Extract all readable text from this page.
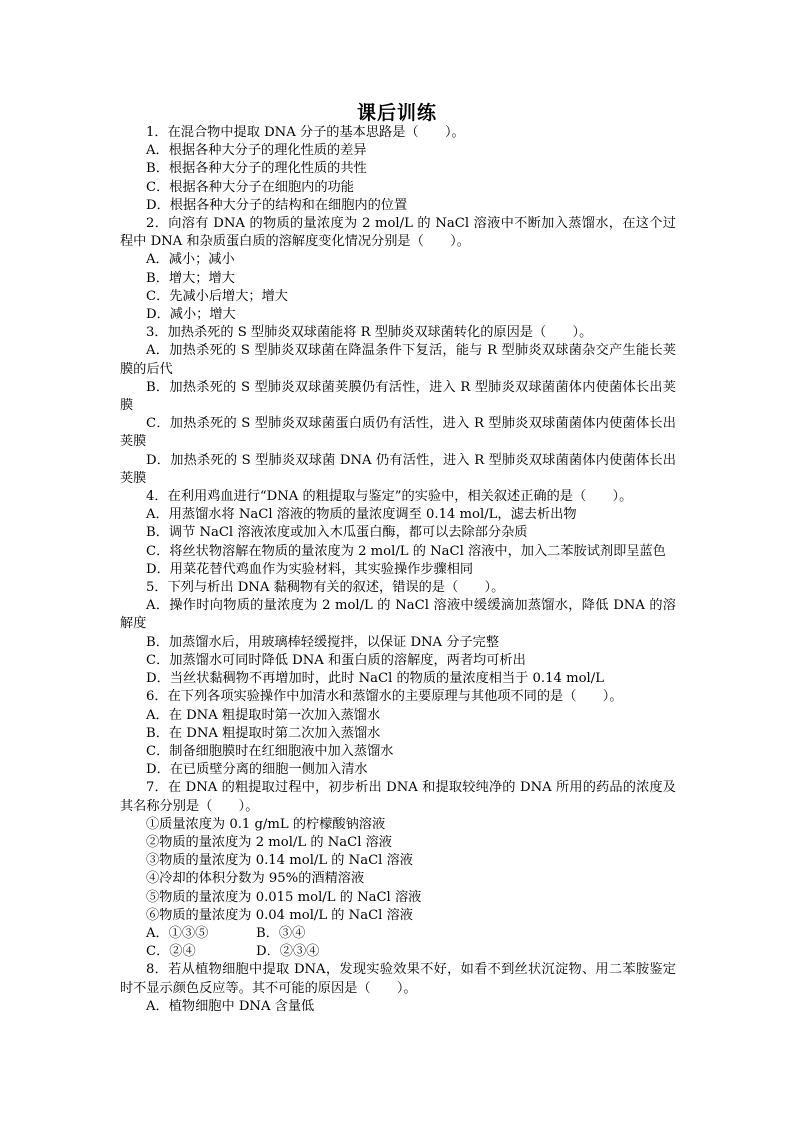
课后训练

1．在混合物中提取 DNA 分子的基本思路是（　　）。

A．根据各种大分子的理化性质的差异

B．根据各种大分子的理化性质的共性

C．根据各种大分子在细胞内的功能

D．根据各种大分子的结构和在细胞内的位置

2．向溶有 DNA 的物质的量浓度为 2 mol/L 的 NaCl 溶液中不断加入蒸馏水，在这个过程中 DNA 和杂质蛋白质的溶解度变化情况分别是（　　）。

A．减小；减小

B．增大；增大

C．先减小后增大；增大

D．减小；增大

3．加热杀死的 S 型肺炎双球菌能将 R 型肺炎双球菌转化的原因是（　　）。

A．加热杀死的 S 型肺炎双球菌在降温条件下复活，能与 R 型肺炎双球菌杂交产生能长荚膜的后代

B．加热杀死的 S 型肺炎双球菌荚膜仍有活性，进入 R 型肺炎双球菌菌体内使菌体长出荚膜

C．加热杀死的 S 型肺炎双球菌蛋白质仍有活性，进入 R 型肺炎双球菌菌体内使菌体长出荚膜

D．加热杀死的 S 型肺炎双球菌 DNA 仍有活性，进入 R 型肺炎双球菌菌体内使菌体长出荚膜

4．在利用鸡血进行“DNA 的粗提取与鉴定”的实验中，相关叙述正确的是（　　）。

A．用蒸馏水将 NaCl 溶液的物质的量浓度调至 0.14 mol/L，滤去析出物

B．调节 NaCl 溶液浓度或加入木瓜蛋白酶，都可以去除部分杂质

C．将丝状物溶解在物质的量浓度为 2 mol/L 的 NaCl 溶液中，加入二苯胺试剂即呈蓝色

D．用菜花替代鸡血作为实验材料，其实验操作步骤相同

5．下列与析出 DNA 黏稠物有关的叙述，错误的是（　　）。

A．操作时向物质的量浓度为 2 mol/L 的 NaCl 溶液中缓缓滴加蒸馏水，降低 DNA 的溶解度

B．加蒸馏水后，用玻璃棒轻缓搅拌，以保证 DNA 分子完整

C．加蒸馏水可同时降低 DNA 和蛋白质的溶解度，两者均可析出

D．当丝状黏稠物不再增加时，此时 NaCl 的物质的量浓度相当于 0.14 mol/L

6．在下列各项实验操作中加清水和蒸馏水的主要原理与其他项不同的是（　　）。

A．在 DNA 粗提取时第一次加入蒸馏水

B．在 DNA 粗提取时第二次加入蒸馏水

C．制备细胞膜时在红细胞液中加入蒸馏水

D．在已质壁分离的细胞一侧加入清水

7．在 DNA 的粗提取过程中，初步析出 DNA 和提取较纯净的 DNA 所用的药品的浓度及其名称分别是（　　）。

①质量浓度为 0.1 g/mL 的柠檬酸钠溶液

②物质的量浓度为 2 mol/L 的 NaCl 溶液

③物质的量浓度为 0.14 mol/L 的 NaCl 溶液

④冷却的体积分数为 95%的酒精溶液

⑤物质的量浓度为 0.015 mol/L 的 NaCl 溶液

⑥物质的量浓度为 0.04 mol/L 的 NaCl 溶液

A．①③⑤	B．③④
C．②④	D．②③④

8．若从植物细胞中提取 DNA，发现实验效果不好，如看不到丝状沉淀物、用二苯胺鉴定时不显示颜色反应等。其不可能的原因是（　　）。

A．植物细胞中 DNA 含量低
